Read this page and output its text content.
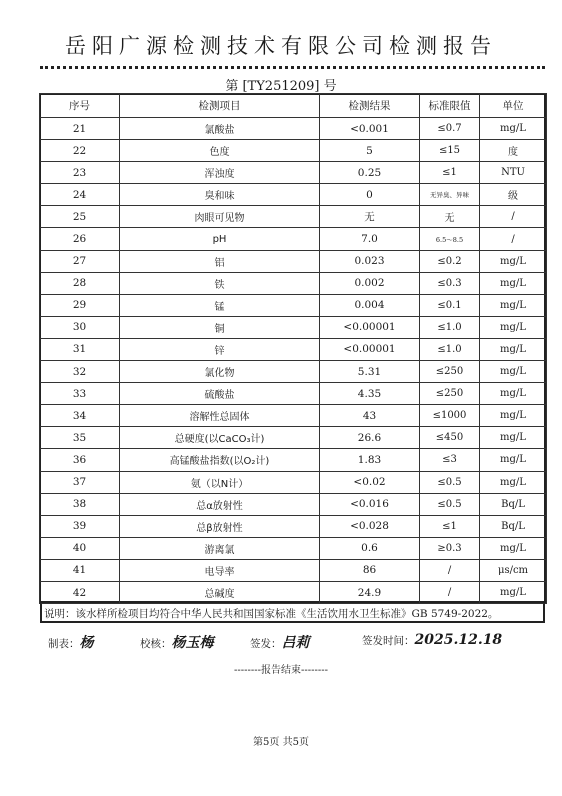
岳阳广源检测技术有限公司检测报告
第 [TY251209] 号
序号	检测项目	检测结果	标准限值	单位
21	氯酸盐	<0.001	≤0.7	mg/L
22	色度	5	≤15	度
23	浑浊度	0.25	≤1	NTU
24	臭和味	0	无异臭、异味	级
25	肉眼可见物	无	无	/
26	pH	7.0	6.5～8.5	/
27	铝	0.023	≤0.2	mg/L
28	铁	0.002	≤0.3	mg/L
29	锰	0.004	≤0.1	mg/L
30	铜	<0.00001	≤1.0	mg/L
31	锌	<0.00001	≤1.0	mg/L
32	氯化物	5.31	≤250	mg/L
33	硫酸盐	4.35	≤250	mg/L
34	溶解性总固体	43	≤1000	mg/L
35	总硬度(以CaCO₃计)	26.6	≤450	mg/L
36	高锰酸盐指数(以O₂计)	1.83	≤3	mg/L
37	氨（以N计）	<0.02	≤0.5	mg/L
38	总α放射性	<0.016	≤0.5	Bq/L
39	总β放射性	<0.028	≤1	Bq/L
40	游离氯	0.6	≥0.3	mg/L
41	电导率	86	/	μs/cm
42	总碱度	24.9	/	mg/L
说明：该水样所检项目均符合中华人民共和国国家标准《生活饮用水卫生标准》GB 5749-2022。
制表：杨	校核：杨玉梅	签发：吕莉	签发时间：2025.12.18
--------报告结束--------
第5页 共5页
